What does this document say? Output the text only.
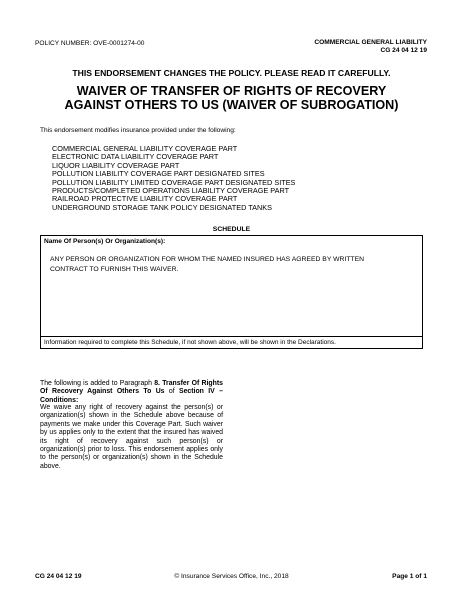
POLICY NUMBER: OVE-0001274-00	COMMERCIAL GENERAL LIABILITY
CG 24 04 12 19
THIS ENDORSEMENT CHANGES THE POLICY. PLEASE READ IT CAREFULLY.
WAIVER OF TRANSFER OF RIGHTS OF RECOVERY
AGAINST OTHERS TO US (WAIVER OF SUBROGATION)
This endorsement modifies insurance provided under the following:
COMMERCIAL GENERAL LIABILITY COVERAGE PART
ELECTRONIC DATA LIABILITY COVERAGE PART
LIQUOR LIABILITY COVERAGE PART
POLLUTION LIABILITY COVERAGE PART DESIGNATED SITES
POLLUTION LIABILITY LIMITED COVERAGE PART DESIGNATED SITES
PRODUCTS/COMPLETED OPERATIONS LIABILITY COVERAGE PART
RAILROAD PROTECTIVE LIABILITY COVERAGE PART
UNDERGROUND STORAGE TANK POLICY DESIGNATED TANKS
SCHEDULE
Name Of Person(s) Or Organization(s):
ANY PERSON OR ORGANIZATION FOR WHOM THE NAMED INSURED HAS AGREED BY WRITTEN CONTRACT TO FURNISH THIS WAIVER.
Information required to complete this Schedule, if not shown above, will be shown in the Declarations.
The following is added to Paragraph 8. Transfer Of Rights Of Recovery Against Others To Us of Section IV – Conditions:
We waive any right of recovery against the person(s) or organization(s) shown in the Schedule above because of payments we make under this Coverage Part. Such waiver by us applies only to the extent that the insured has waived its right of recovery against such person(s) or organization(s) prior to loss. This endorsement applies only to the person(s) or organization(s) shown in the Schedule above.
CG 24 04 12 19	© Insurance Services Office, Inc., 2018	Page 1 of 1
